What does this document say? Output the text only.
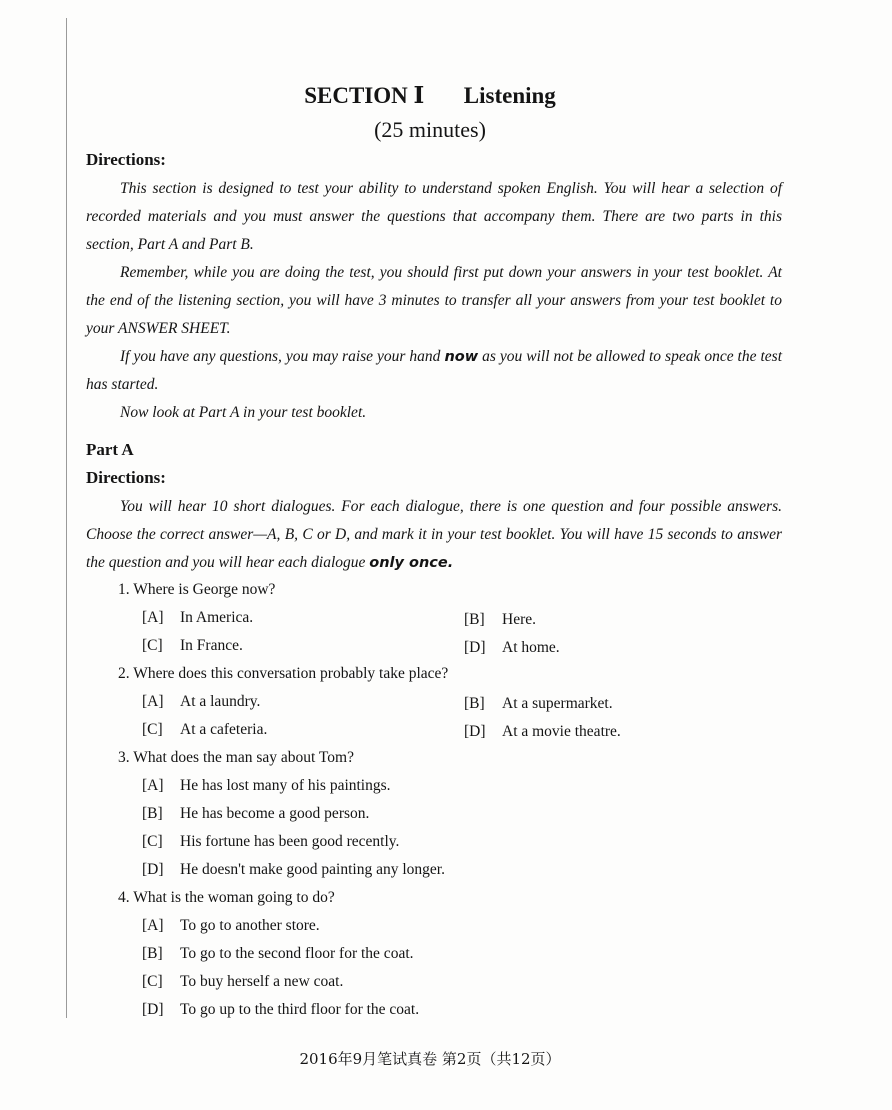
SECTION Ⅰ Listening
(25 minutes)
Directions:

This section is designed to test your ability to understand spoken English. You will hear a selection of recorded materials and you must answer the questions that accompany them. There are two parts in this section, Part A and Part B.

Remember, while you are doing the test, you should first put down your answers in your test booklet. At the end of the listening section, you will have 3 minutes to transfer all your answers from your test booklet to your ANSWER SHEET.

If you have any questions, you may raise your hand now as you will not be allowed to speak once the test has started.

Now look at Part A in your test booklet.

Part A
Directions:

You will hear 10 short dialogues. For each dialogue, there is one question and four possible answers. Choose the correct answer—A, B, C or D, and mark it in your test booklet. You will have 15 seconds to answer the question and you will hear each dialogue only once.

1. Where is George now?
[A] In America.	[B] Here.
[C] In France.	[D] At home.
2. Where does this conversation probably take place?
[A] At a laundry.	[B] At a supermarket.
[C] At a cafeteria.	[D] At a movie theatre.
3. What does the man say about Tom?
[A] He has lost many of his paintings.
[B] He has become a good person.
[C] His fortune has been good recently.
[D] He doesn't make good painting any longer.
4. What is the woman going to do?
[A] To go to another store.
[B] To go to the second floor for the coat.
[C] To buy herself a new coat.
[D] To go up to the third floor for the coat.
2016年9月笔试真卷 第2页（共12页）
